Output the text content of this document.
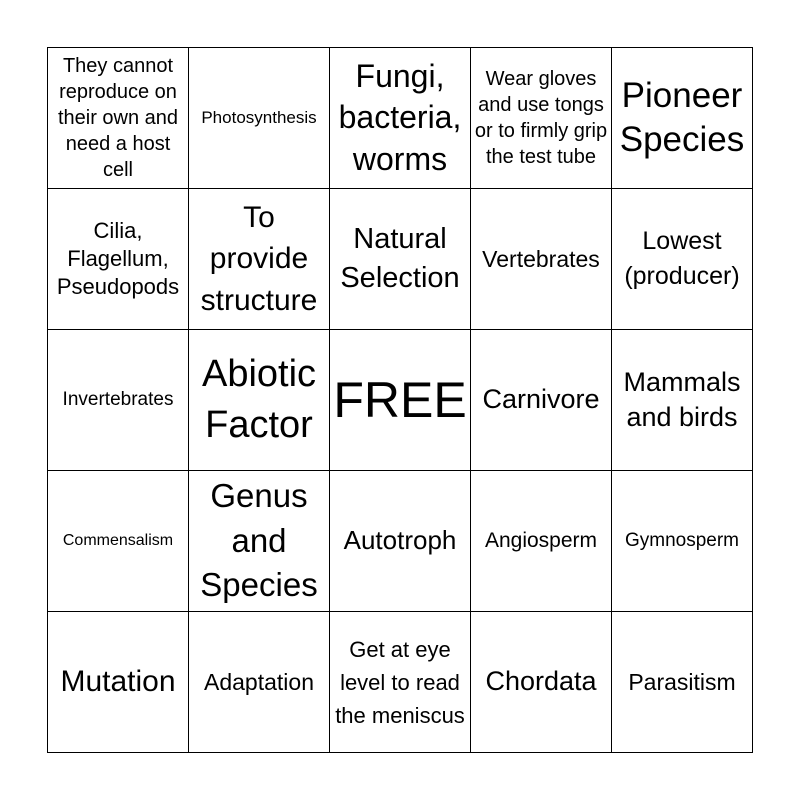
They cannot reproduce on their own and need a host cell
Photosynthesis
Fungi, bacteria, worms
Wear gloves and use tongs or to firmly grip the test tube
Pioneer Species
Cilia, Flagellum, Pseudopods
To provide structure
Natural Selection
Vertebrates
Lowest (producer)
Invertebrates
Abiotic Factor FREE Carnivore
Mammals and birds
Commensalism
Genus and Species
Autotroph Angiosperm Gymnosperm
Mutation Adaptation
Get at eye level to read the meniscus
Chordata Parasitism
